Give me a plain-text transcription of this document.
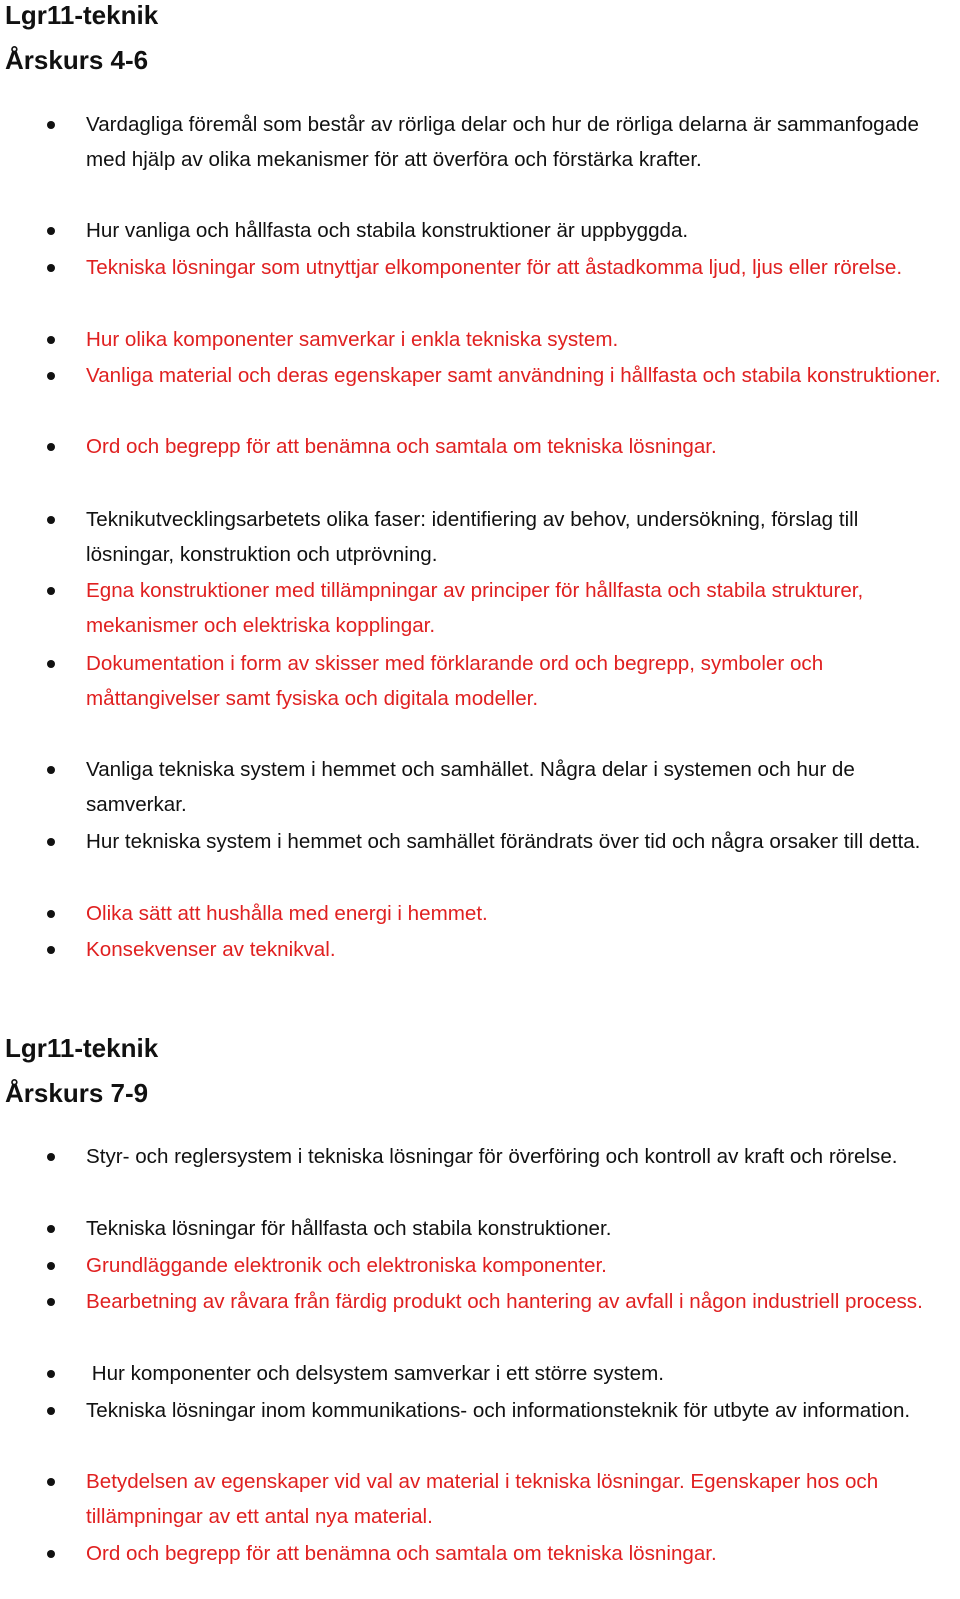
Lgr11-teknik
Årskurs 4-6
Vardagliga föremål som består av rörliga delar och hur de rörliga delarna är sammanfogade med hjälp av olika mekanismer för att överföra och förstärka krafter.
Hur vanliga och hållfasta och stabila konstruktioner är uppbyggda.
Tekniska lösningar som utnyttjar elkomponenter för att åstadkomma ljud, ljus eller rörelse.
Hur olika komponenter samverkar i enkla tekniska system.
Vanliga material och deras egenskaper samt användning i hållfasta och stabila konstruktioner.
Ord och begrepp för att benämna och samtala om tekniska lösningar.
Teknikutvecklingsarbetets olika faser: identifiering av behov, undersökning, förslag till lösningar, konstruktion och utprövning.
Egna konstruktioner med tillämpningar av principer för hållfasta och stabila strukturer, mekanismer och elektriska kopplingar.
Dokumentation i form av skisser med förklarande ord och begrepp, symboler och måttangivelser samt fysiska och digitala modeller.
Vanliga tekniska system i hemmet och samhället. Några delar i systemen och hur de samverkar.
Hur tekniska system i hemmet och samhället förändrats över tid och några orsaker till detta.
Olika sätt att hushålla med energi i hemmet.
Konsekvenser av teknikval.
Lgr11-teknik
Årskurs 7-9
Styr- och reglersystem i tekniska lösningar för överföring och kontroll av kraft och rörelse.
Tekniska lösningar för hållfasta och stabila konstruktioner.
Grundläggande elektronik och elektroniska komponenter.
Bearbetning av råvara från färdig produkt och hantering av avfall i någon industriell process.
Hur komponenter och delsystem samverkar i ett större system.
Tekniska lösningar inom kommunikations- och informationsteknik för utbyte av information.
Betydelsen av egenskaper vid val av material i tekniska lösningar. Egenskaper hos och tillämpningar av ett antal nya material.
Ord och begrepp för att benämna och samtala om tekniska lösningar.
